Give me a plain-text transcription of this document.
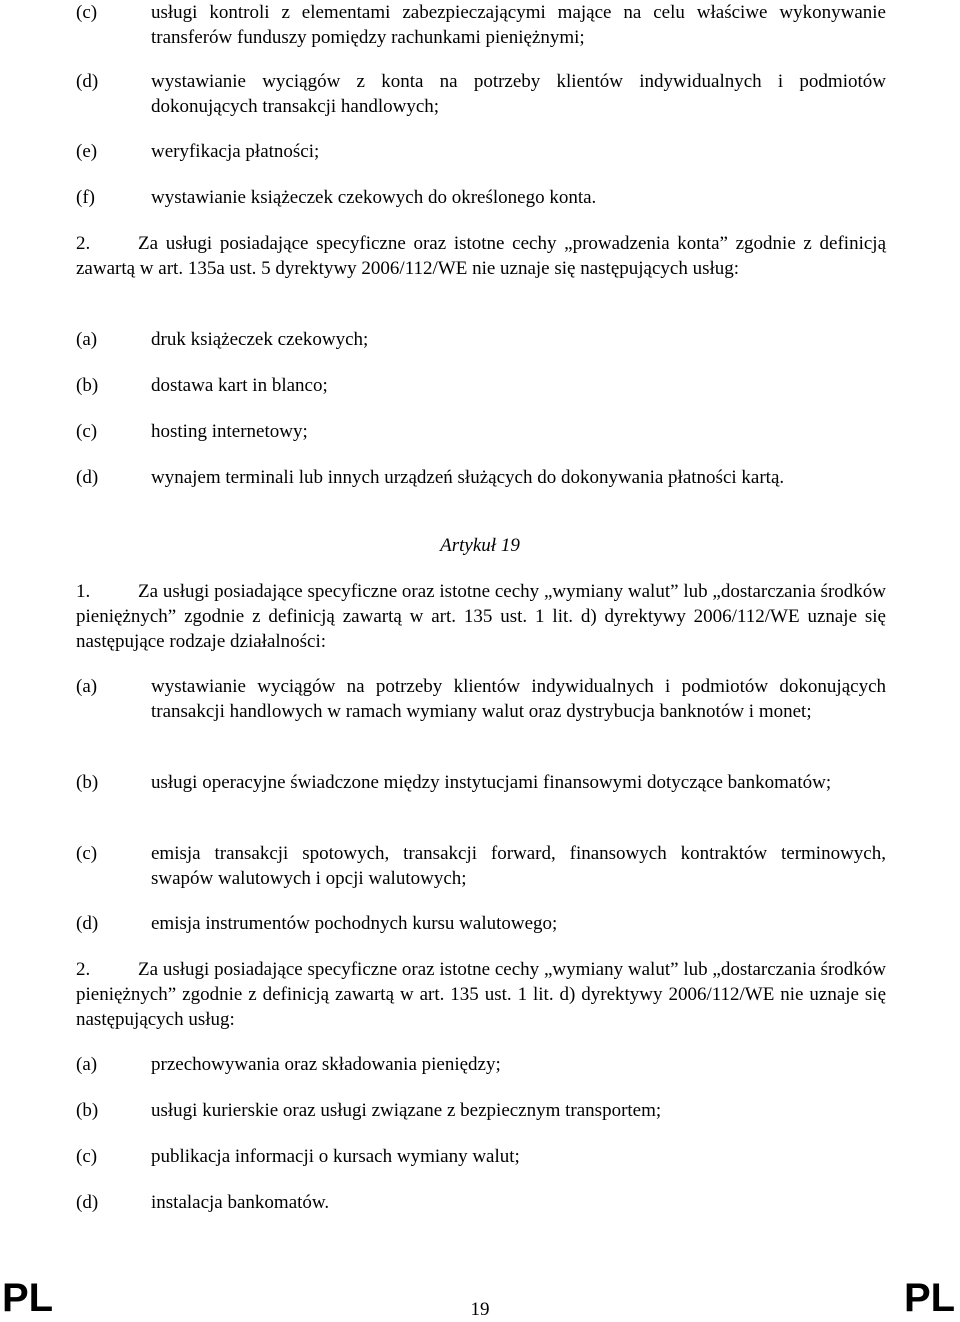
(c)	usługi kontroli z elementami zabezpieczającymi mające na celu właściwe wykonywanie transferów funduszy pomiędzy rachunkami pieniężnymi;
(d)	wystawianie wyciągów z konta na potrzeby klientów indywidualnych i podmiotów dokonujących transakcji handlowych;
(e)	weryfikacja płatności;
(f)	wystawianie książeczek czekowych do określonego konta.
2.	Za usługi posiadające specyficzne oraz istotne cechy „prowadzenia konta” zgodnie z definicją zawartą w art. 135a ust. 5 dyrektywy 2006/112/WE nie uznaje się następujących usług:
(a)	druk książeczek czekowych;
(b)	dostawa kart in blanco;
(c)	hosting internetowy;
(d)	wynajem terminali lub innych urządzeń służących do dokonywania płatności kartą.
Artykuł 19
1.	Za usługi posiadające specyficzne oraz istotne cechy „wymiany walut” lub „dostarczania środków pieniężnych” zgodnie z definicją zawartą w art. 135 ust. 1 lit. d) dyrektywy 2006/112/WE uznaje się następujące rodzaje działalności:
(a)	wystawianie wyciągów na potrzeby klientów indywidualnych i podmiotów dokonujących transakcji handlowych w ramach wymiany walut oraz dystrybucja banknotów i monet;
(b)	usługi operacyjne świadczone między instytucjami finansowymi dotyczące bankomatów;
(c)	emisja transakcji spotowych, transakcji forward, finansowych kontraktów terminowych, swapów walutowych i opcji walutowych;
(d)	emisja instrumentów pochodnych kursu walutowego;
2.	Za usługi posiadające specyficzne oraz istotne cechy „wymiany walut” lub „dostarczania środków pieniężnych” zgodnie z definicją zawartą w art. 135 ust. 1 lit. d) dyrektywy 2006/112/WE nie uznaje się następujących usług:
(a)	przechowywania oraz składowania pieniędzy;
(b)	usługi kurierskie oraz usługi związane z bezpiecznym transportem;
(c)	publikacja informacji o kursach wymiany walut;
(d)	instalacja bankomatów.
PL	19	PL
